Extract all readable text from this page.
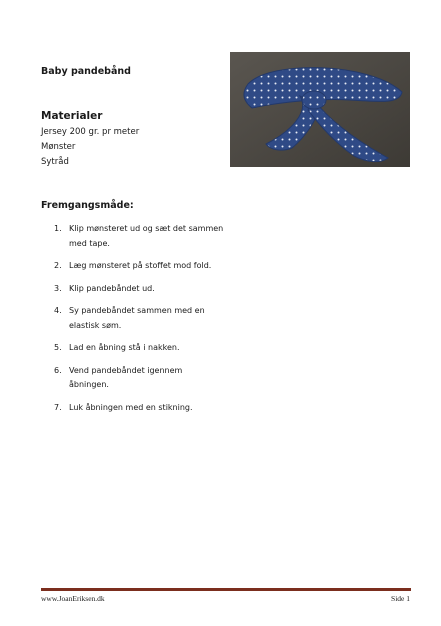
Baby pandebånd
Materialer
Jersey 200 gr. pr meter
Mønster
Sytråd
Fremgangsmåde:
1. Klip mønsteret ud og sæt det sammen med tape.
2. Læg mønsteret på stoffet mod fold.
3. Klip pandebåndet ud.
4. Sy pandebåndet sammen med en elastisk søm.
5. Lad en åbning stå i nakken.
6. Vend pandebåndet igennem åbningen.
7. Luk åbningen med en stikning.
www.JoanEriksen.dk	Side 1
